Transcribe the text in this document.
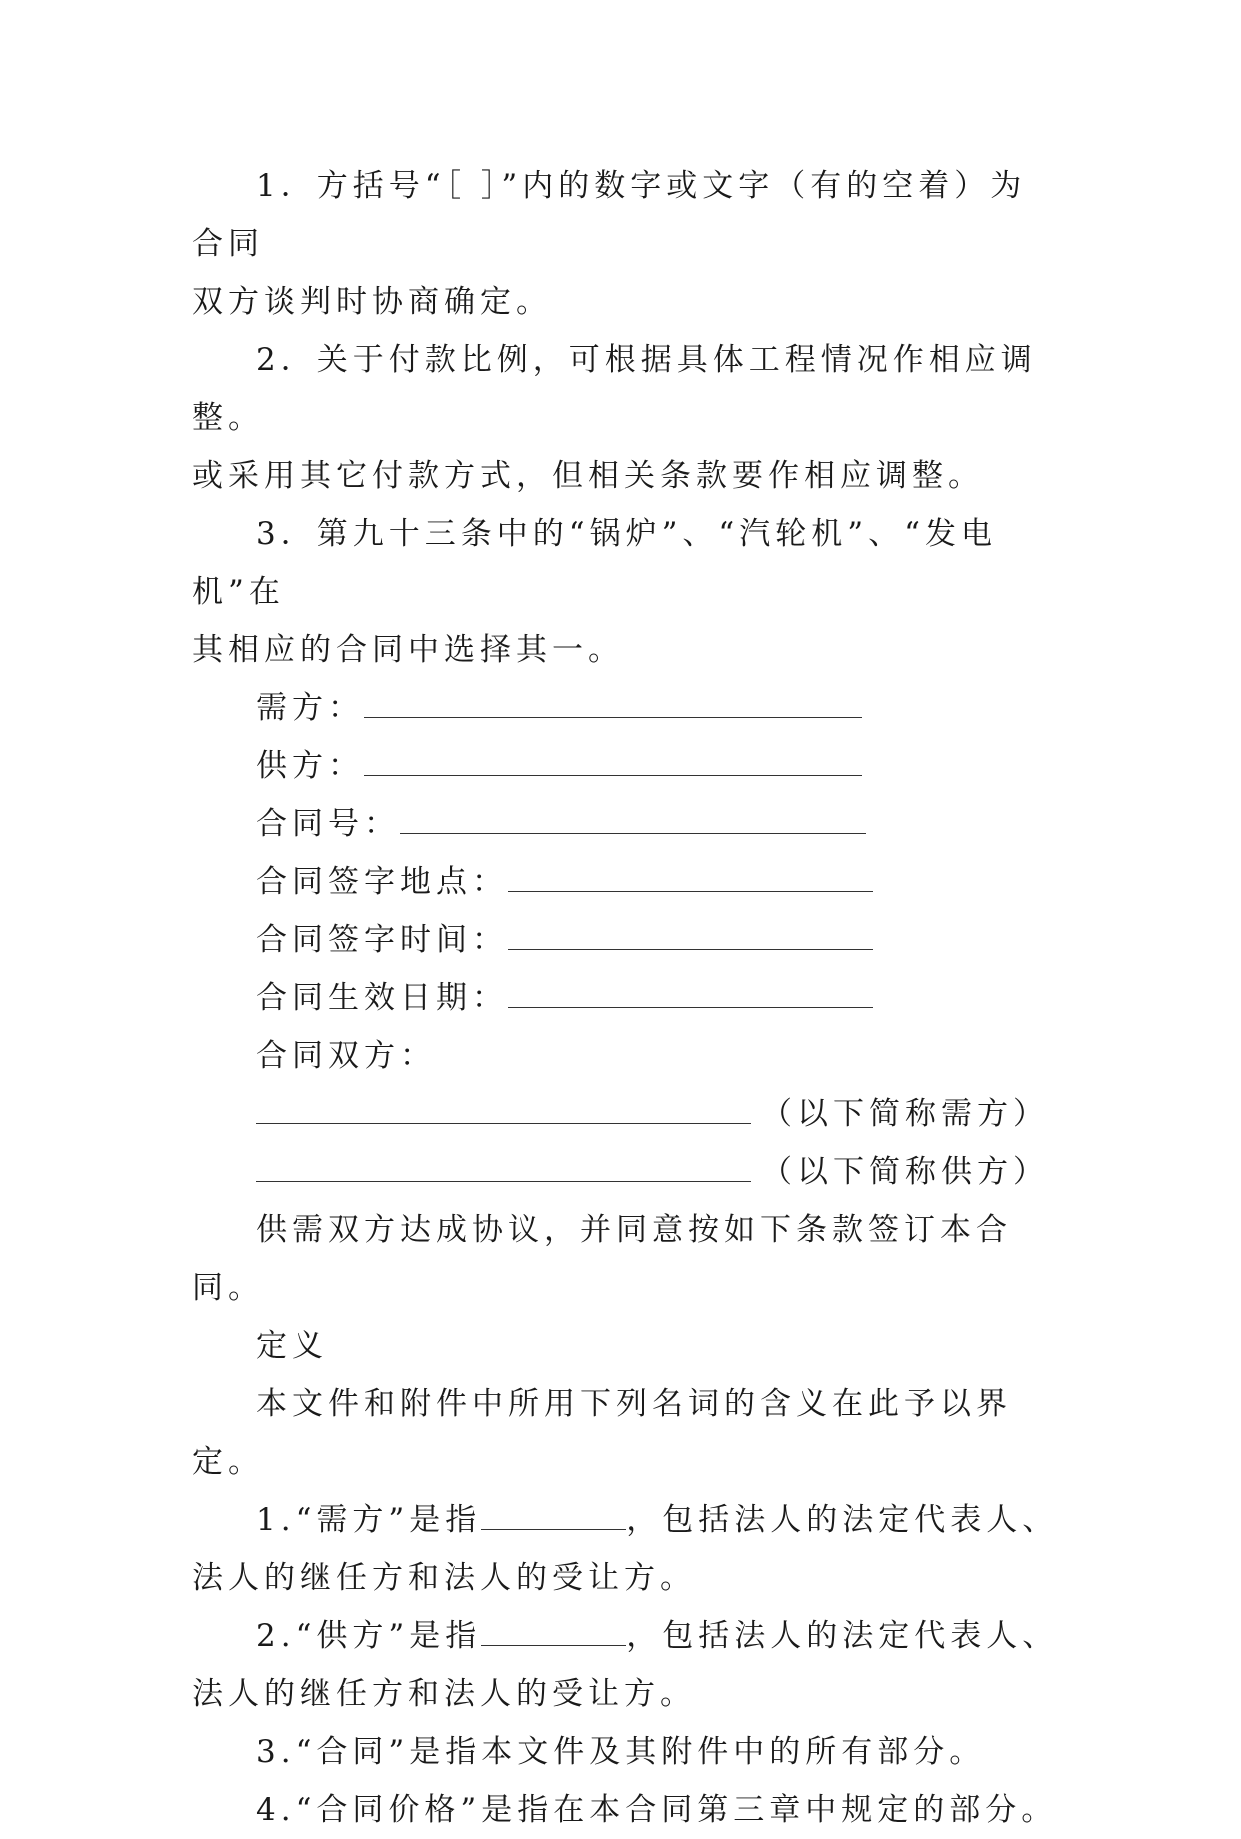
1．方括号“［ ］”内的数字或文字（有的空着）为合同

双方谈判时协商确定。

2．关于付款比例，可根据具体工程情况作相应调整。

或采用其它付款方式，但相关条款要作相应调整。

3．第九十三条中的“锅炉”、“汽轮机”、“发电机”在

其相应的合同中选择其一。

需方：

供方：

合同号：

合同签字地点：

合同签字时间：

合同生效日期：

合同双方：

（以下简称需方）

（以下简称供方）

供需双方达成协议，并同意按如下条款签订本合同。

定义

本文件和附件中所用下列名词的含义在此予以界定。

1.“需方”是指	，包括法人的法定代表人、

法人的继任方和法人的受让方。

2.“供方”是指	，包括法人的法定代表人、

法人的继任方和法人的受让方。

3.“合同”是指本文件及其附件中的所有部分。

4.“合同价格”是指在本合同第三章中规定的部分。
